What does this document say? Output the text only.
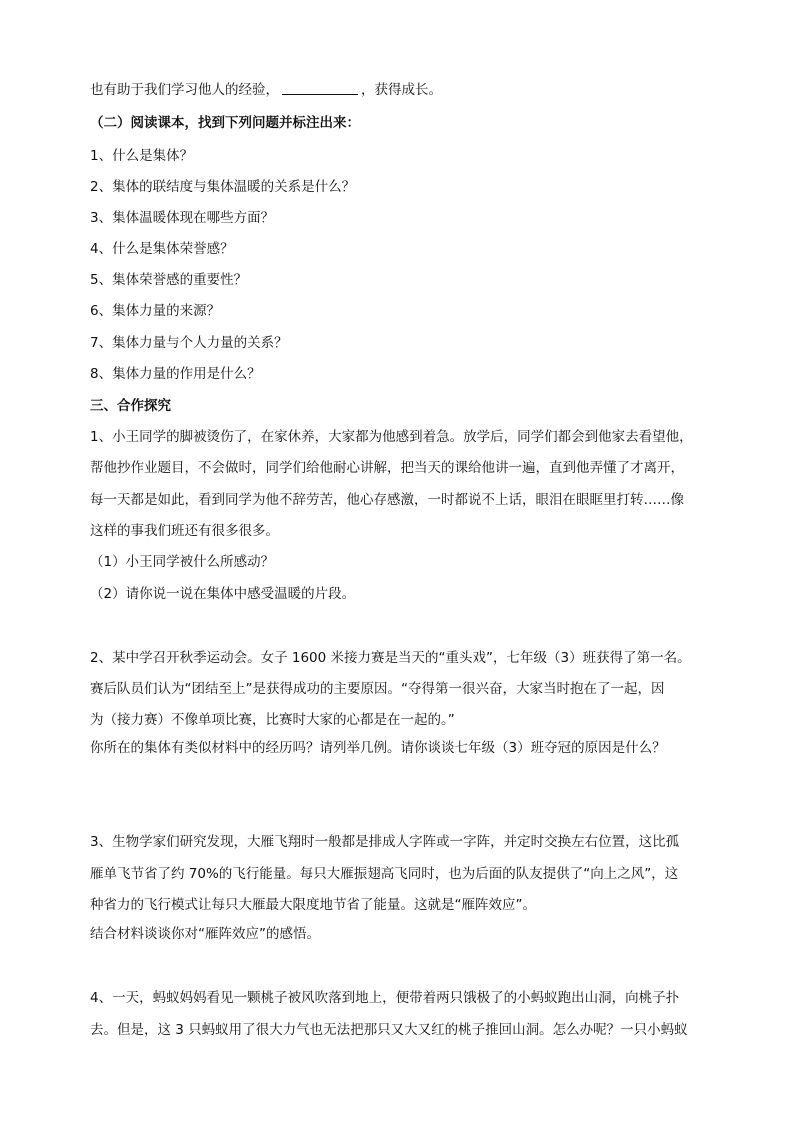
也有助于我们学习他人的经验，	，获得成长。
（二）阅读课本，找到下列问题并标注出来：
1、什么是集体？
2、集体的联结度与集体温暖的关系是什么？
3、集体温暖体现在哪些方面？
4、什么是集体荣誉感？
5、集体荣誉感的重要性？
6、集体力量的来源？
7、集体力量与个人力量的关系？
8、集体力量的作用是什么？
三、合作探究
1、小王同学的脚被烫伤了，在家休养，大家都为他感到着急。放学后，同学们都会到他家去看望他，
帮他抄作业题目，不会做时，同学们给他耐心讲解，把当天的课给他讲一遍，直到他弄懂了才离开，
每一天都是如此，看到同学为他不辞劳苦，他心存感激，一时都说不上话，眼泪在眼眶里打转……像
这样的事我们班还有很多很多。
（1）小王同学被什么所感动？
（2）请你说一说在集体中感受温暖的片段。
2、某中学召开秋季运动会。女子 1600 米接力赛是当天的“重头戏”，七年级（3）班获得了第一名。
赛后队员们认为“团结至上”是获得成功的主要原因。“夺得第一很兴奋，大家当时抱在了一起，因
为（接力赛）不像单项比赛，比赛时大家的心都是在一起的。”
你所在的集体有类似材料中的经历吗？请列举几例。请你谈谈七年级（3）班夺冠的原因是什么？
3、生物学家们研究发现，大雁飞翔时一般都是排成人字阵或一字阵，并定时交换左右位置，这比孤
雁单飞节省了约 70%的飞行能量。每只大雁振翅高飞同时，也为后面的队友提供了“向上之风”，这
种省力的飞行模式让每只大雁最大限度地节省了能量。这就是“雁阵效应”。
结合材料谈谈你对“雁阵效应”的感悟。
4、一天，蚂蚁妈妈看见一颗桃子被风吹落到地上，便带着两只饿极了的小蚂蚁跑出山洞，向桃子扑
去。但是，这 3 只蚂蚁用了很大力气也无法把那只又大又红的桃子推回山洞。怎么办呢？一只小蚂蚁
